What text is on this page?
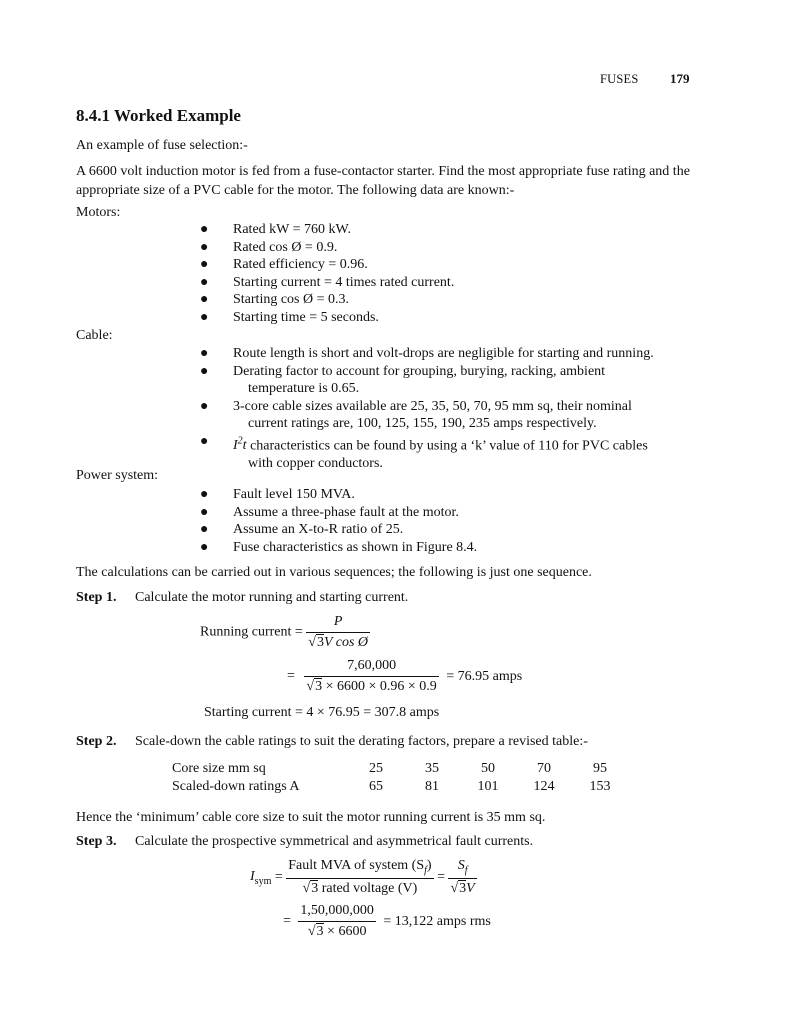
FUSES 179
8.4.1 Worked Example
An example of fuse selection:-
A 6600 volt induction motor is fed from a fuse-contactor starter. Find the most appropriate fuse rating and the appropriate size of a PVC cable for the motor. The following data are known:-
Motors:
● Rated kW = 760 kW.
● Rated cos Ø = 0.9.
● Rated efficiency = 0.96.
● Starting current = 4 times rated current.
● Starting cos Ø = 0.3.
● Starting time = 5 seconds.
Cable:
● Route length is short and volt-drops are negligible for starting and running.
● Derating factor to account for grouping, burying, racking, ambient
temperature is 0.65.
● 3-core cable sizes available are 25, 35, 50, 70, 95 mm sq, their nominal
current ratings are, 100, 125, 155, 190, 235 amps respectively.
● $I^2t$ characteristics can be found by using a ‘k’ value of 110 for PVC cables
with copper conductors.
Power system:
● Fault level 150 MVA.
● Assume a three-phase fault at the motor.
● Assume an X-to-R ratio of 25.
● Fuse characteristics as shown in Figure 8.4.
The calculations can be carried out in various sequences; the following is just one sequence.
Step 1. Calculate the motor running and starting current.
Running current = $\frac{P}{\text{√3V cos Ø}}$
= $\frac{7,60,000}{√3 \times 6600 \times 0.96 \times 0.9} = 76.95$ amps
Starting current = 4 × 76.95 = 307.8 amps
Step 2. Scale-down the cable ratings to suit the derating factors, prepare a revised table:-
Core size mm sq	25	35	50	70	95
Scaled-down ratings A	65	81	101	124	153
Hence the ‘minimum’ cable core size to suit the motor running current is 35 mm sq.
Step 3. Calculate the prospective symmetrical and asymmetrical fault currents.
$I_{sym} = \frac{Fault MVA of system (S_f)}{\text{√3 rated voltage (V)}} = \frac{S_f}{√3V}$
= $\frac{1,50,000,000}{√3 \times 6600} = 13,122$ amps rms
